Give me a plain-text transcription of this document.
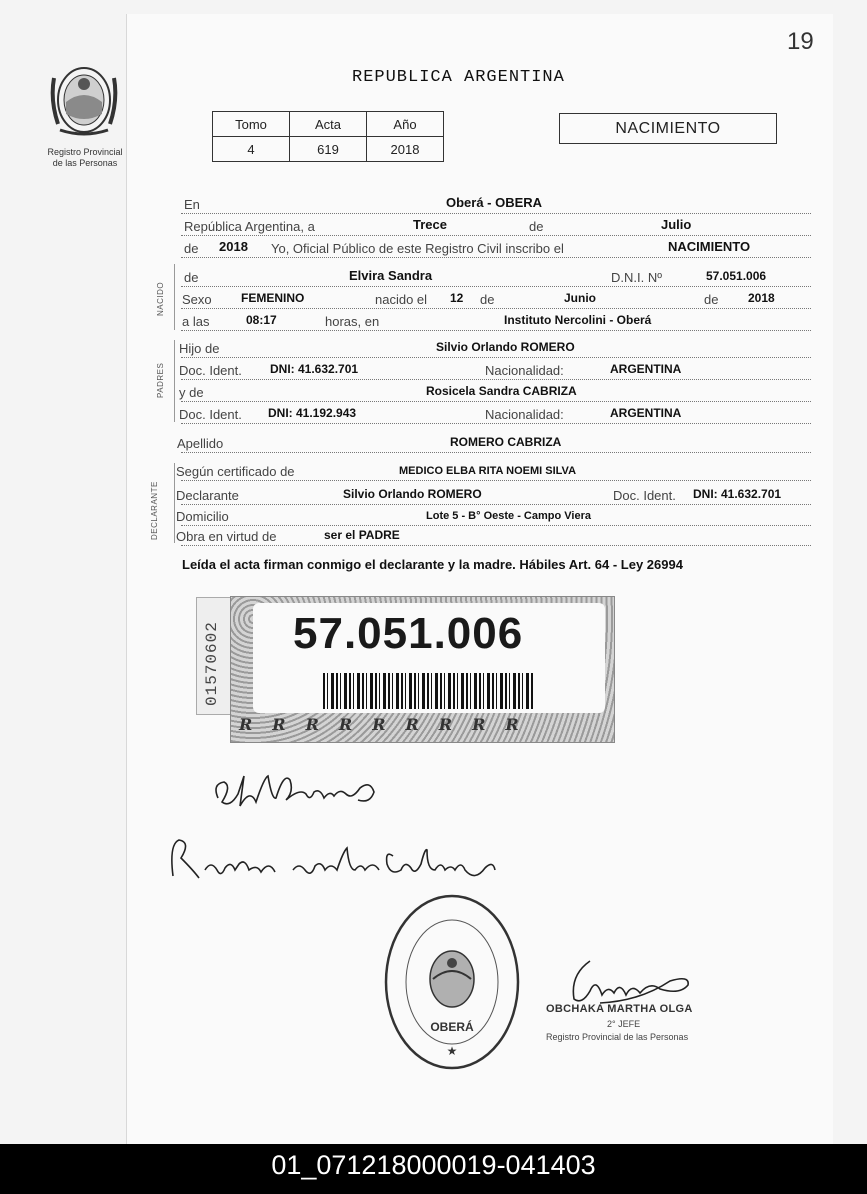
19
Registro Provincial
de las Personas
REPUBLICA ARGENTINA
Tomo	Acta	Año
4	619	2018
NACIMIENTO
En	Oberá - OBERA
República Argentina, a	Trece	de	Julio
de 2018 Yo, Oficial Público de este Registro Civil inscribo el	NACIMIENTO
NACIDO
de	Elvira Sandra	D.N.I. Nº	57.051.006
Sexo FEMENINO	nacido el 12 de	Junio	de 2018
a las	08:17	horas, en	Instituto Nercolini - Oberá
PADRES
Hijo de	Silvio Orlando ROMERO
Doc. Ident. DNI: 41.632.701	Nacionalidad:	ARGENTINA
y de	Rosicela Sandra CABRIZA
Doc. Ident. DNI: 41.192.943	Nacionalidad:	ARGENTINA
Apellido	ROMERO CABRIZA
DECLARANTE
Según certificado de	MEDICO ELBA RITA NOEMI SILVA
Declarante	Silvio Orlando ROMERO	Doc. Ident. DNI: 41.632.701
Domicilio	Lote 5 - B° Oeste - Campo Viera
Obra en virtud de	ser el PADRE
Leída el acta firman conmigo el declarante y la madre. Hábiles Art. 64 - Ley 26994
01570602 57.051.006
RRRRRRRRR
OBERÁ
★
OBCHAKA MARTHA OLGA
2° JEFE
Registro Provincial de las Personas
01_071218000019-041403
